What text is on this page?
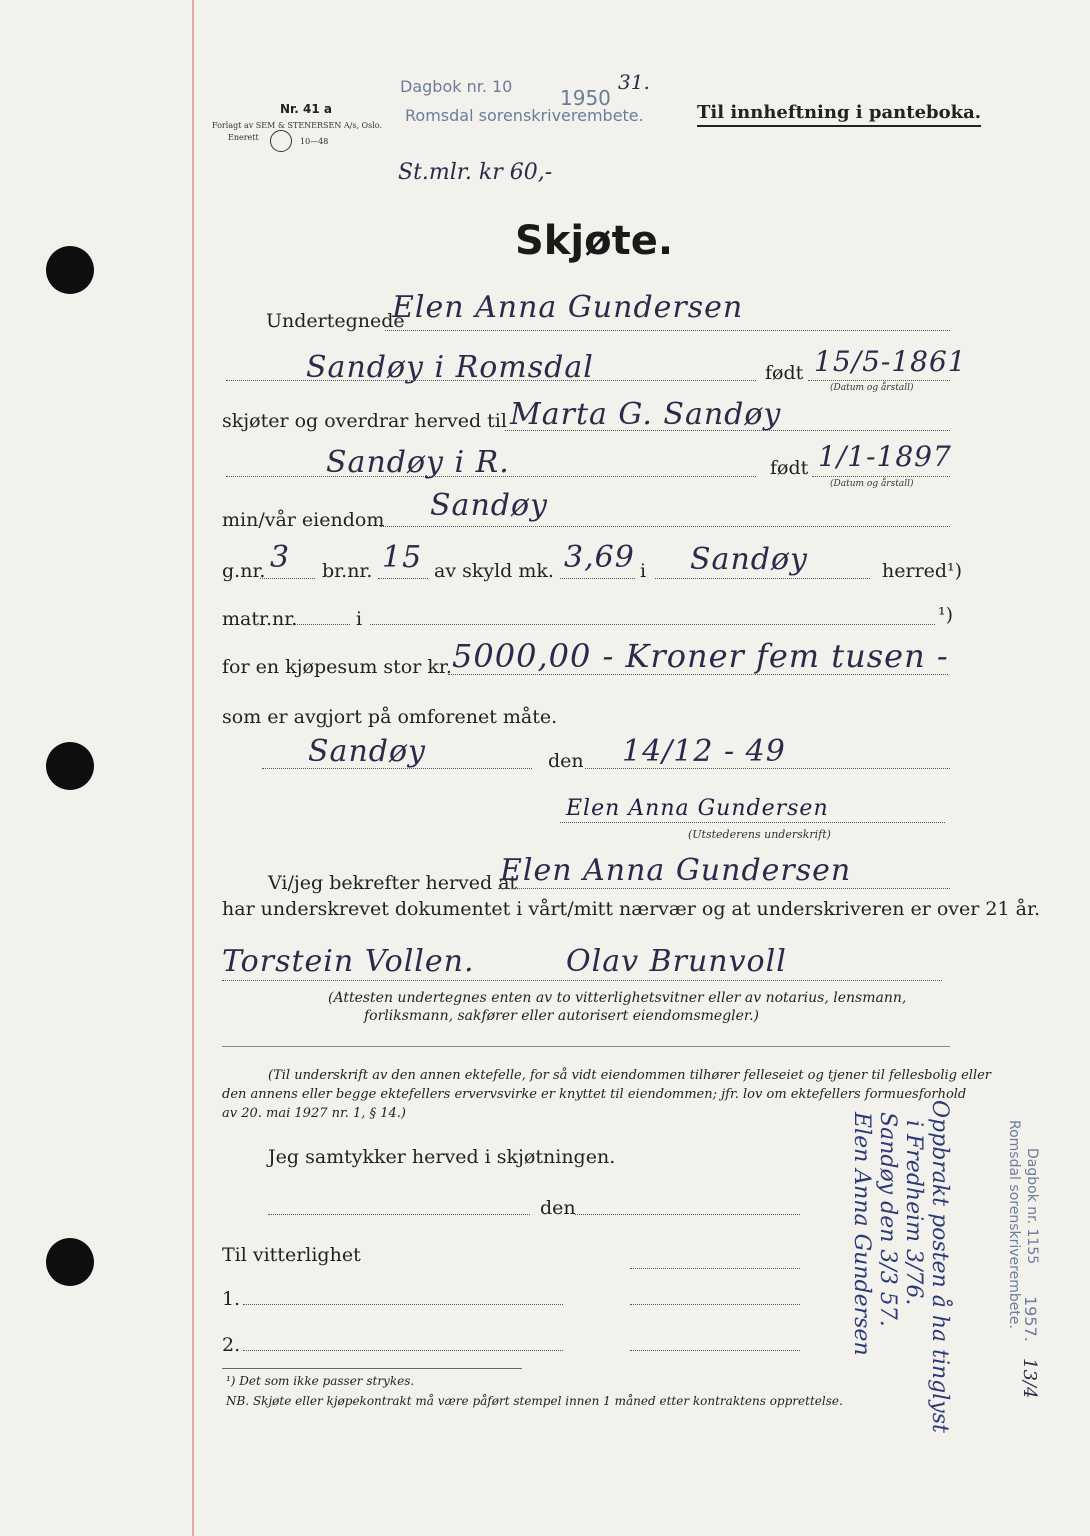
Nr. 41 a
Forlagt av SEM & STENERSEN A/s, Oslo.
Enerett	10—48
Dagbok nr. 10 1950
31.
Romsdal sorenskriverembete.	Til innheftning i panteboka.
St.mlr. kr 60,-
Skjøte.
Undertegnede
Elen Anna Gundersen
Sandøy i Romsdal	født 15/5-1861
(Datum og årstall)
skjøter og overdrar herved til Marta G. Sandøy
Sandøy i R.	født 1/1-1897
(Datum og årstall)
min/vår eiendom Sandøy
g.nr. 3 br.nr. 15 av skyld mk. 3,69 i Sandøy	herred¹)
matr.nr.	i	¹)
for en kjøpesum stor kr. 5000,00 - Kroner fem tusen -
som er avgjort på omforenet måte.
Sandøy	den 14/12 - 49
Elen Anna Gundersen
(Utstederens underskrift)
Vi/jeg bekrefter herved at
Elen Anna Gundersen
har underskrevet dokumentet i vårt/mitt nærvær og at underskriveren er over 21 år.
Torstein Vollen.	Olav Brunvoll
(Attesten undertegnes enten av to vitterlighetsvitner eller av notarius, lensmann,
forliksmann, sakfører eller autorisert eiendomsmegler.)
(Til underskrift av den annen ektefelle, for så vidt eiendommen tilhører felleseiet og tjener til fellesbolig eller
den annens eller begge ektefellers ervervsvirke er knyttet til eiendommen; jfr. lov om ektefellers formuesforhold
av 20. mai 1927 nr. 1, § 14.)
Jeg samtykker herved i skjøtningen.
den
Til vitterlighet
1.
2.
¹) Det som ikke passer strykes.
NB. Skjøte eller kjøpekontrakt må være påført stempel innen 1 måned etter kontraktens opprettelse.	Oppbrakt posten å ha tinglyst
i Fredheim 3/76.
Sandøy den 3/3 57.
Elen Anna Gundersen	Dagbok nr. 1155
1957.
Romsdal sorenskriverembete.
13/4
